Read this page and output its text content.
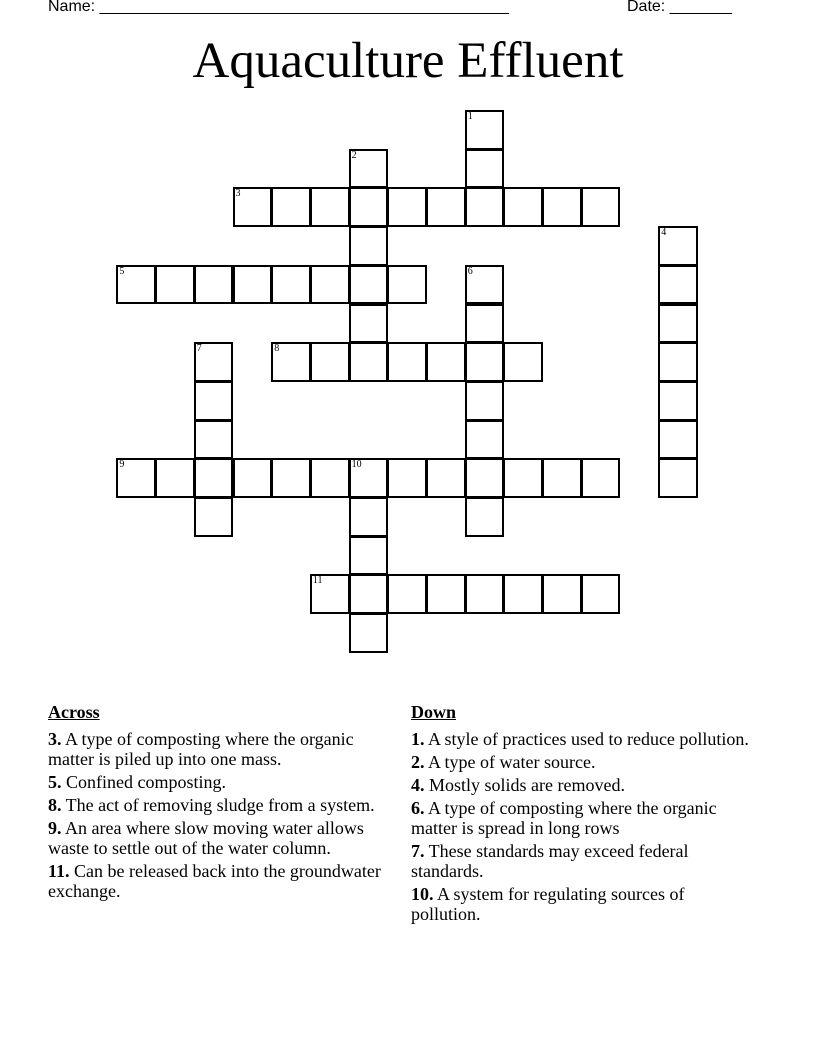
Name: ______________________________________________	Date: _______
Aquaculture Effluent
1
2
3
4
5	6
7	8
9	10
11
Across
3. A type of composting where the organic matter is piled up into one mass.
5. Confined composting.
8. The act of removing sludge from a system.
9. An area where slow moving water allows waste to settle out of the water column.
11. Can be released back into the groundwater exchange.
Down
1. A style of practices used to reduce pollution.
2. A type of water source.
4. Mostly solids are removed.
6. A type of composting where the organic matter is spread in long rows
7. These standards may exceed federal standards.
10. A system for regulating sources of pollution.
